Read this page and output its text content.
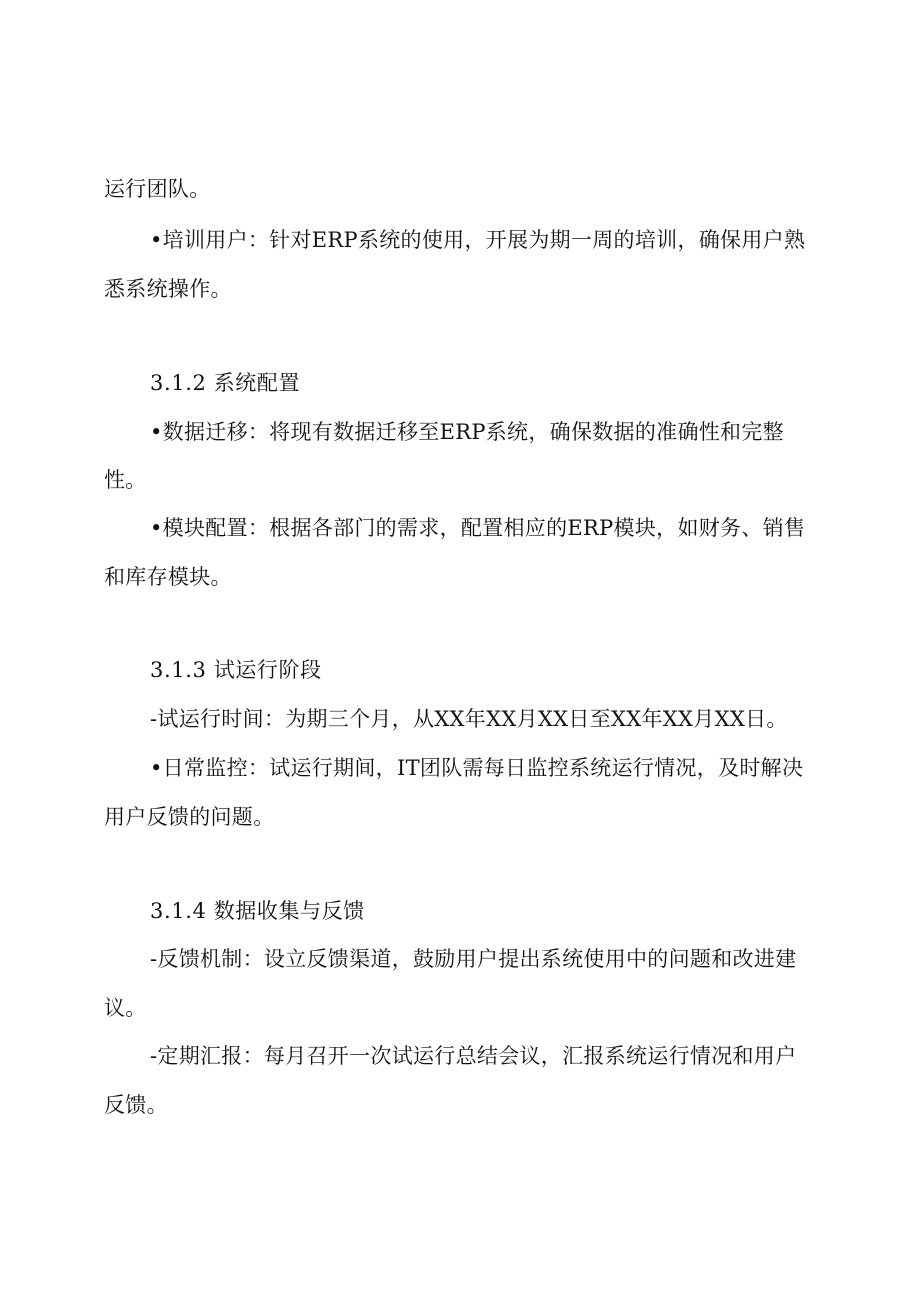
运行团队。
•培训用户：针对ERP系统的使用，开展为期一周的培训，确保用户熟
悉系统操作。
3.1.2 系统配置
•数据迁移：将现有数据迁移至ERP系统，确保数据的准确性和完整
性。
•模块配置：根据各部门的需求，配置相应的ERP模块，如财务、销售
和库存模块。
3.1.3 试运行阶段
-试运行时间：为期三个月，从XX年XX月XX日至XX年XX月XX日。
•日常监控：试运行期间，IT团队需每日监控系统运行情况，及时解决
用户反馈的问题。
3.1.4 数据收集与反馈
-反馈机制：设立反馈渠道，鼓励用户提出系统使用中的问题和改进建
议。
-定期汇报：每月召开一次试运行总结会议，汇报系统运行情况和用户
反馈。
